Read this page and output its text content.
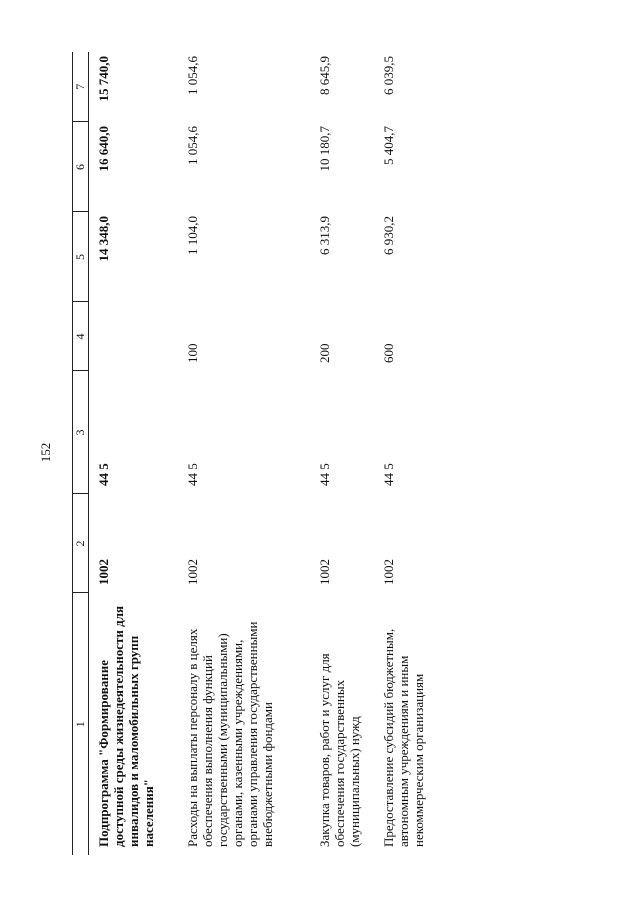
152
1	2	3	4	5	6	7
Подпрограмма "Формирование доступной среды жизнедеятельности для инвалидов и маломобильных групп населения"	1002	44 5		14 348,0	16 640,0	15 740,0
Расходы на выплаты персоналу в целях обеспечения выполнения функций государственными (муниципальными) органами, казенными учреждениями, органами управления государственными внебюджетными фондами	1002	44 5	100	1 104,0	1 054,6	1 054,6
Закупка товаров, работ и услуг для обеспечения государственных (муниципальных) нужд	1002	44 5	200	6 313,9	10 180,7	8 645,9
Предоставление субсидий бюджетным, автономным учреждениям и иным некоммерческим организациям	1002	44 5	600	6 930,2	5 404,7	6 039,5
